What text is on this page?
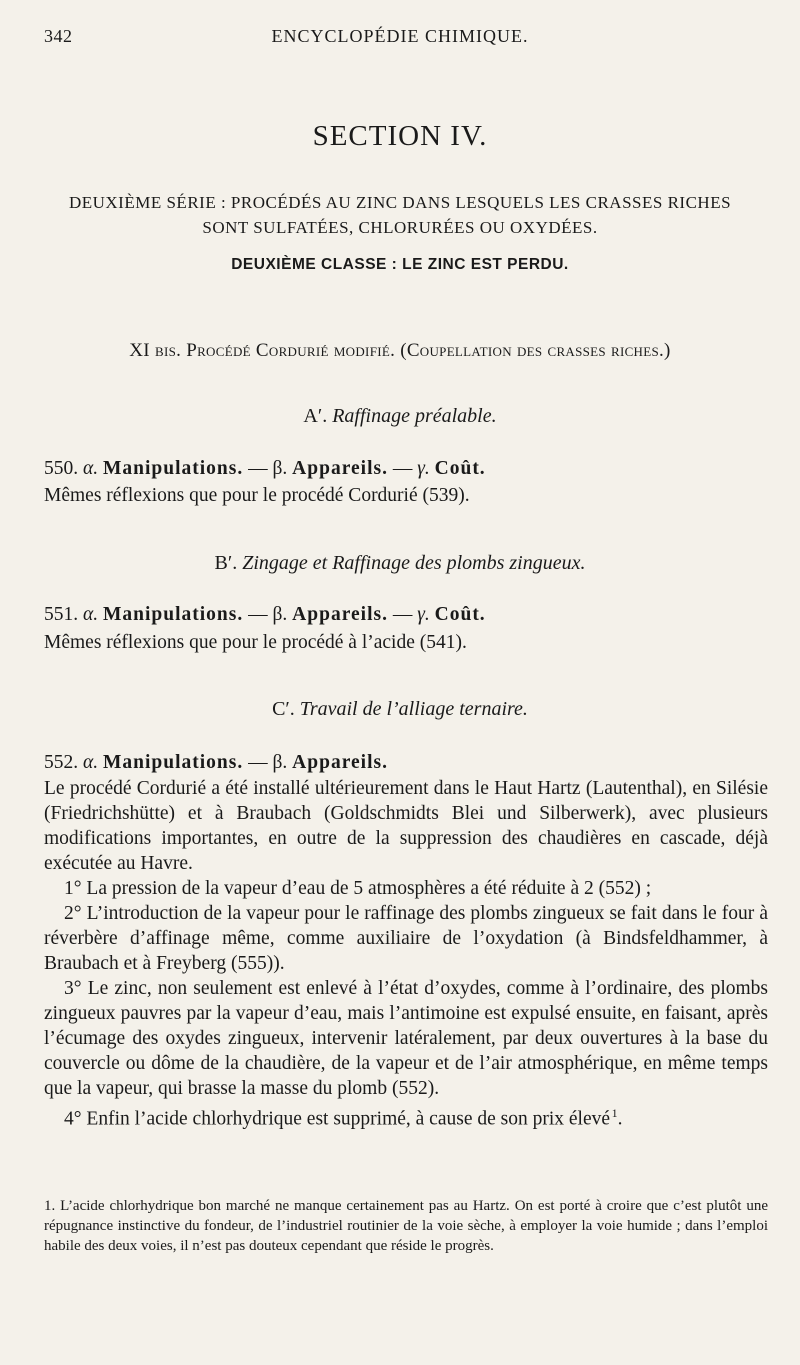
342	ENCYCLOPÉDIE CHIMIQUE.
SECTION IV.
DEUXIÈME SÉRIE : PROCÉDÉS AU ZINC DANS LESQUELS LES CRASSES RICHES
SONT SULFATÉES, CHLORURÉES OU OXYDÉES.
DEUXIÈME CLASSE : LE ZINC EST PERDU.
XI bis. Procédé Cordurié modifié. (Coupellation des crasses riches.)
A′. Raffinage préalable.
550. α. Manipulations. — β. Appareils. — γ. Coût.
Mêmes réflexions que pour le procédé Cordurié (539).
B′. Zingage et Raffinage des plombs zingueux.
551. α. Manipulations. — β. Appareils. — γ. Coût.
Mêmes réflexions que pour le procédé à l’acide (541).
C′. Travail de l’alliage ternaire.
552. α. Manipulations. — β. Appareils.

Le procédé Cordurié a été installé ultérieurement dans le Haut Hartz (Lautenthal), en Silésie (Friedrichshütte) et à Braubach (Goldschmidts Blei und Silberwerk), avec plusieurs modifications importantes, en outre de la suppression des chaudières en cascade, déjà exécutée au Havre.

1° La pression de la vapeur d’eau de 5 atmosphères a été réduite à 2 (552) ;

2° L’introduction de la vapeur pour le raffinage des plombs zingueux se fait dans le four à réverbère d’affinage même, comme auxiliaire de l’oxydation (à Bindsfeldhammer, à Braubach et à Freyberg (555)).

3° Le zinc, non seulement est enlevé à l’état d’oxydes, comme à l’ordinaire, des plombs zingueux pauvres par la vapeur d’eau, mais l’antimoine est expulsé ensuite, en faisant, après l’écumage des oxydes zingueux, intervenir latéralement, par deux ouvertures à la base du couvercle ou dôme de la chaudière, de la vapeur et de l’air atmosphérique, en même temps que la vapeur, qui brasse la masse du plomb (552).

4° Enfin l’acide chlorhydrique est supprimé, à cause de son prix élevé  $^1$.

1. L’acide chlorhydrique bon marché ne manque certainement pas au Hartz. On est porté à croire que c’est plutôt une répugnance instinctive du fondeur, de l’industriel routinier de la voie sèche, à employer la voie humide ; dans l’emploi habile des deux voies, il n’est pas douteux cependant que réside le progrès.
